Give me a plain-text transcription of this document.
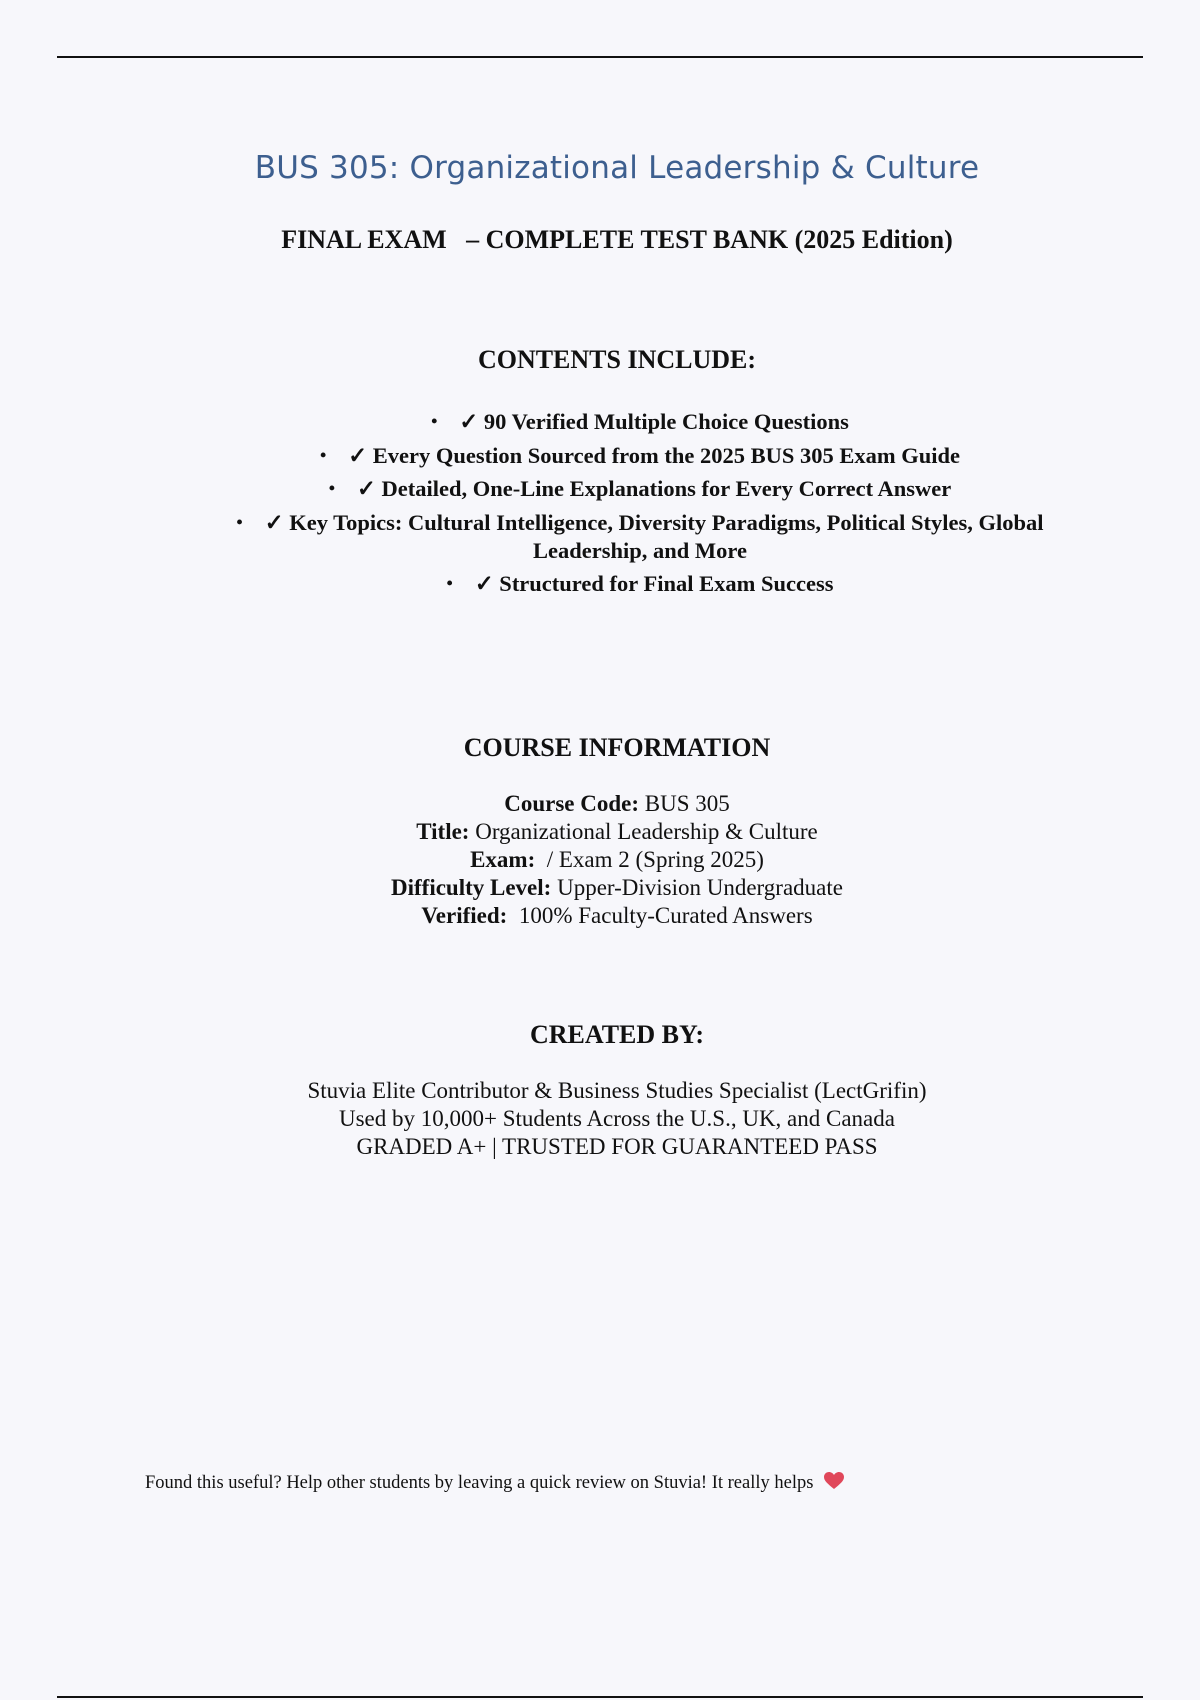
BUS 305: Organizational Leadership & Culture
FINAL EXAM   – COMPLETE TEST BANK (2025 Edition)
CONTENTS INCLUDE:
• ✓ 90 Verified Multiple Choice Questions
• ✓ Every Question Sourced from the 2025 BUS 305 Exam Guide
• ✓ Detailed, One-Line Explanations for Every Correct Answer
• ✓ Key Topics: Cultural Intelligence, Diversity Paradigms, Political Styles, Global Leadership, and More
• ✓ Structured for Final Exam Success
COURSE INFORMATION
Course Code: BUS 305
Title: Organizational Leadership & Culture
Exam:  / Exam 2 (Spring 2025)
Difficulty Level: Upper-Division Undergraduate
Verified:  100% Faculty-Curated Answers
CREATED BY:
Stuvia Elite Contributor & Business Studies Specialist (LectGrifin)
Used by 10,000+ Students Across the U.S., UK, and Canada
GRADED A+ | TRUSTED FOR GUARANTEED PASS
Found this useful? Help other students by leaving a quick review on Stuvia! It really helps
